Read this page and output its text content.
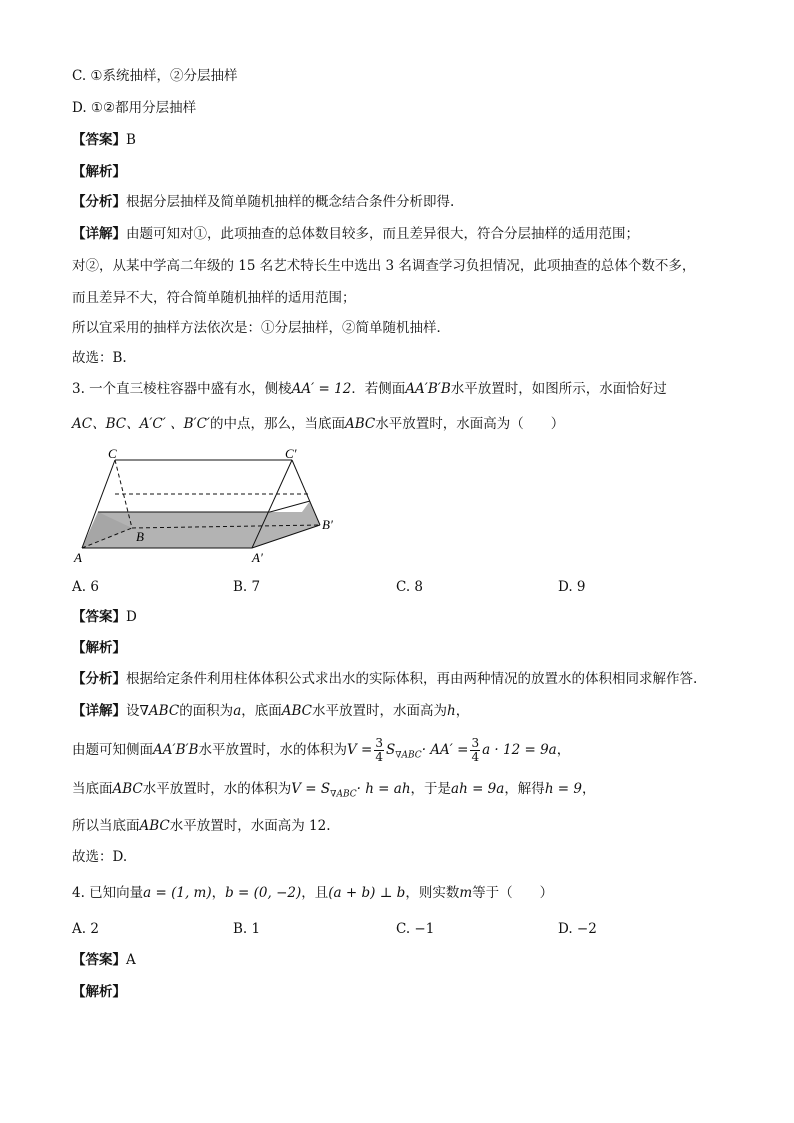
C. ①系统抽样，②分层抽样
D. ①②都用分层抽样
【答案】B
【解析】
【分析】根据分层抽样及简单随机抽样的概念结合条件分析即得.
【详解】由题可知对①，此项抽查的总体数目较多，而且差异很大，符合分层抽样的适用范围；
对②，从某中学高二年级的 15 名艺术特长生中选出 3 名调查学习负担情况，此项抽查的总体个数不多，
而且差异不大，符合简单随机抽样的适用范围；
所以宜采用的抽样方法依次是：①分层抽样，②简单随机抽样．
故选：B.
3. 一个直三棱柱容器中盛有水，侧棱AA′ = 12．若侧面AA′B′B水平放置时，如图所示，水面恰好过
AC、BC、A′C′ 、B′C′的中点，那么，当底面ABC水平放置时，水面高为（　　）
C	C′
B
B′
A	A′
A. 6	B. 7	C. 8	D. 9
【答案】D
【解析】
【分析】根据给定条件利用柱体体积公式求出水的实际体积，再由两种情况的放置水的体积相同求解作答.
【详解】设∇ABC的面积为a，底面ABC水平放置时，水面高为h，
由题可知侧面AA′B′B水平放置时，水的体积为$V = \frac{3}{4} S_{\nabla ABC}\cdot AA' = \frac{3}{4}$ a · 12 = 9a，
当底面ABC水平放置时，水的体积为$V = S_{\nabla ABC}\cdot h$ = ah，于是ah = 9a，解得h = 9，
所以当底面ABC水平放置时，水面高为 12.
故选：D.
4. 已知向量a = (1, m)，b = (0, −2)，且(a + b) ⊥ b，则实数m等于（　　）
A. 2	B. 1	C. −1	D. −2
【答案】A
【解析】
